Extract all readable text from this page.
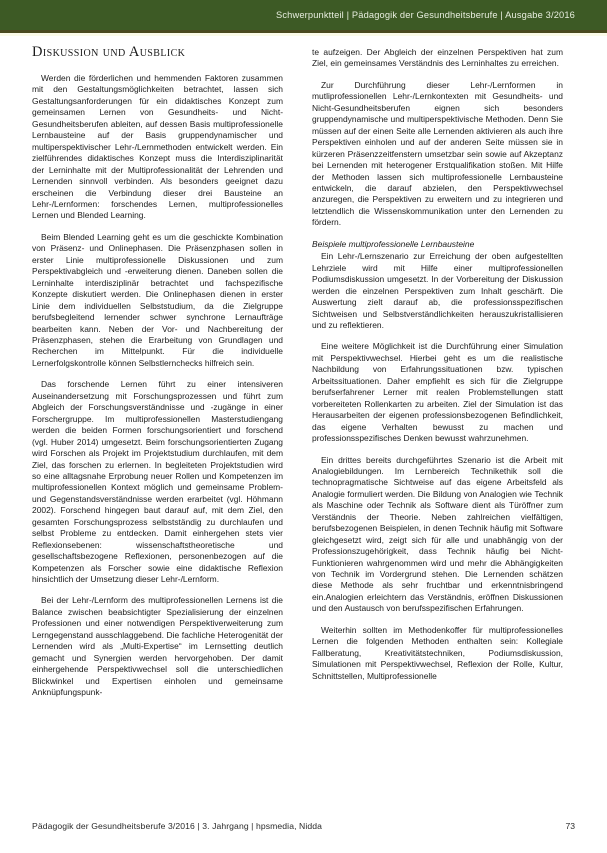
Schwerpunktteil | Pädagogik der Gesundheitsberufe | Ausgabe 3/2016
Diskussion und Ausblick

Werden die förderlichen und hemmenden Faktoren zusammen mit den Gestaltungsmöglichkeiten betrachtet, lassen sich Gestaltungsanforderungen für ein didaktisches Konzept zum gemeinsamen Lernen von Gesundheits- und Nicht-Gesundheitsberufen ableiten, auf dessen Basis multiprofessionelle Lernbausteine auf der Basis gruppendynamischer und multiperspektivischer Lehr-/Lernmethoden entwickelt werden. Ein zielführendes didaktisches Konzept muss die Interdisziplinarität der Lerninhalte mit der Multiprofessionalität der Lehrenden und Lernenden sinnvoll verbinden. Als besonders geeignet dazu erscheinen die Verbindung dieser drei Bausteine an Lehr-/Lernformen: forschendes Lernen, multiprofessionelles Lernen und Blended Learning.

Beim Blended Learning geht es um die geschickte Kombination von Präsenz- und Onlinephasen. Die Präsenzphasen sollen in erster Linie multiprofessionelle Diskussionen und zum Perspektivabgleich und -erweiterung dienen. Daneben sollen die Lerninhalte interdisziplinär betrachtet und fachspezifische Konzepte diskutiert werden. Die Onlinephasen dienen in erster Linie dem individuellen Selbststudium, da die Zielgruppe berufsbegleitend lernender schwer synchrone Lernaufträge bearbeiten kann. Neben der Vor- und Nachbereitung der Präsenzphasen, stehen die Erarbeitung von Grundlagen und Recherchen im Mittelpunkt. Für die individuelle Lernerfolgskontrolle können Selbstlernchecks hilfreich sein.

Das forschende Lernen führt zu einer intensiveren Auseinandersetzung mit Forschungsprozessen und führt zum Abgleich der Forschungsverständnisse und -zugänge in einer Forschergruppe. Im multiprofessionellen Masterstudiengang werden die beiden Formen forschungsorientiert und forschend (vgl. Huber 2014) umgesetzt. Beim forschungsorientierten Zugang wird Forschen als Projekt im Projektstudium durchlaufen, mit dem Ziel, das forschen zu erlernen. In begleiteten Projektstudien wird so eine alltagsnahe Erprobung neuer Rollen und Kompetenzen im multiprofessionellen Kontext möglich und gemeinsame Problem- und Gegenstandsverständnisse werden erarbeitet (vgl. Höhmann 2002). Forschend hingegen baut darauf auf, mit dem Ziel, den gesamten Forschungsprozess selbstständig zu durchlaufen und selbst Probleme zu entdecken. Damit einhergehen stets vier Reflexionsebenen: wissenschaftstheoretische und gesellschaftsbezogene Reflexionen, personenbezogen auf die Kompetenzen als Forscher sowie eine didaktische Reflexion hinsichtlich der Umsetzung dieser Lehr-/Lernform.

Bei der Lehr-/Lernform des multiprofessionellen Lernens ist die Balance zwischen beabsichtigter Spezialisierung der einzelnen Professionen und einer notwendigen Perspektiverweiterung zum Lerngegenstand ausschlaggebend. Die fachliche Heterogenität der Lernenden wird als „Multi-Expertise“ im Lernsetting deutlich gemacht und Synergien werden hervorgehoben. Der damit einhergehende Perspektivwechsel soll die unterschiedlichen Blickwinkel und Expertisen einholen und gemeinsame Anknüpfungspunk-

te aufzeigen. Der Abgleich der einzelnen Perspektiven hat zum Ziel, ein gemeinsames Verständnis des Lerninhaltes zu erreichen.

Zur Durchführung dieser Lehr-/Lernformen in mutliprofessionellen Lehr-/Lernkontexten mit Gesundheits- und Nicht-Gesundheitsberufen eignen sich besonders gruppendynamische und multiperspektivische Methoden. Denn Sie müssen auf der einen Seite alle Lernenden aktivieren als auch ihre Perspektiven einholen und auf der anderen Seite müssen sie in kürzeren Präsenzzeitfenstern umsetzbar sein sowie auf Akzeptanz bei Lernenden mit heterogener Erstqualifikation stoßen. Mit Hilfe der Methoden lassen sich multiprofessionelle Lernbausteine entwickeln, die darauf abzielen, den Perspektivwechsel anzuregen, die Perspektiven zu erweitern und zu integrieren und letztendlich die Wissenskommunikation unter den Lernenden zu fördern.

Beispiele multiprofessionelle Lernbausteine

Ein Lehr-/Lernszenario zur Erreichung der oben aufgestellten Lehrziele wird mit Hilfe einer multiprofessionellen Podiumsdiskussion umgesetzt. In der Vorbereitung der Diskussion werden die einzelnen Perspektiven zum Inhalt geschärft. Die Auswertung zielt darauf ab, die professionsspezifischen Sichtweisen und Selbstverständlichkeiten herauszukristallisieren und zu reflektieren.

Eine weitere Möglichkeit ist die Durchführung einer Simulation mit Perspektivwechsel. Hierbei geht es um die realistische Nachbildung von Erfahrungssituationen bzw. typischen Arbeitssituationen. Daher empfiehlt es sich für die Zielgruppe berufserfahrener Lerner mit realen Problemstellungen statt vorbereiteten Rollenkarten zu arbeiten. Ziel der Simulation ist das Herausarbeiten der eigenen professionsbezogenen Befindlichkeit, das eigene Verhalten bewusst zu machen und professionsspezifisches Denken bewusst wahrzunehmen.

Ein drittes bereits durchgeführtes Szenario ist die Arbeit mit Analogiebildungen. Im Lernbereich Technikethik soll die technopragmatische Sichtweise auf das eigene Arbeitsfeld als Analogie formuliert werden. Die Bildung von Analogien wie Technik als Maschine oder Technik als Software dient als Türöffner zum Verständnis der Theorie. Neben zahlreichen vielfältigen, berufsbezogenen Beispielen, in denen Technik häufig mit Software gleichgesetzt wird, zeigt sich für alle und unabhängig von der Professionszugehörigkeit, dass Technik häufig bei Nicht-Funktionieren wahrgenommen wird und mehr die Abhängigkeiten von Technik im Vordergrund stehen. Die Lernenden schätzen diese Methode als sehr fruchtbar und erkenntnisbringend ein.Analogien erleichtern das Verständnis, eröffnen Diskussionen und den Austausch von berufsspezifischen Erfahrungen.

Weiterhin sollten im Methodenkoffer für multiprofessionelles Lernen die folgenden Methoden enthalten sein: Kollegiale Fallberatung, Kreativitätstechniken, Podiumsdiskussion, Simulationen mit Perspektivwechsel, Reflexion der Rolle, Kultur, Schnittstellen, Multiprofessionelle

Pädagogik der Gesundheitsberufe 3/2016 | 3. Jahrgang | hpsmedia, Nidda	73
